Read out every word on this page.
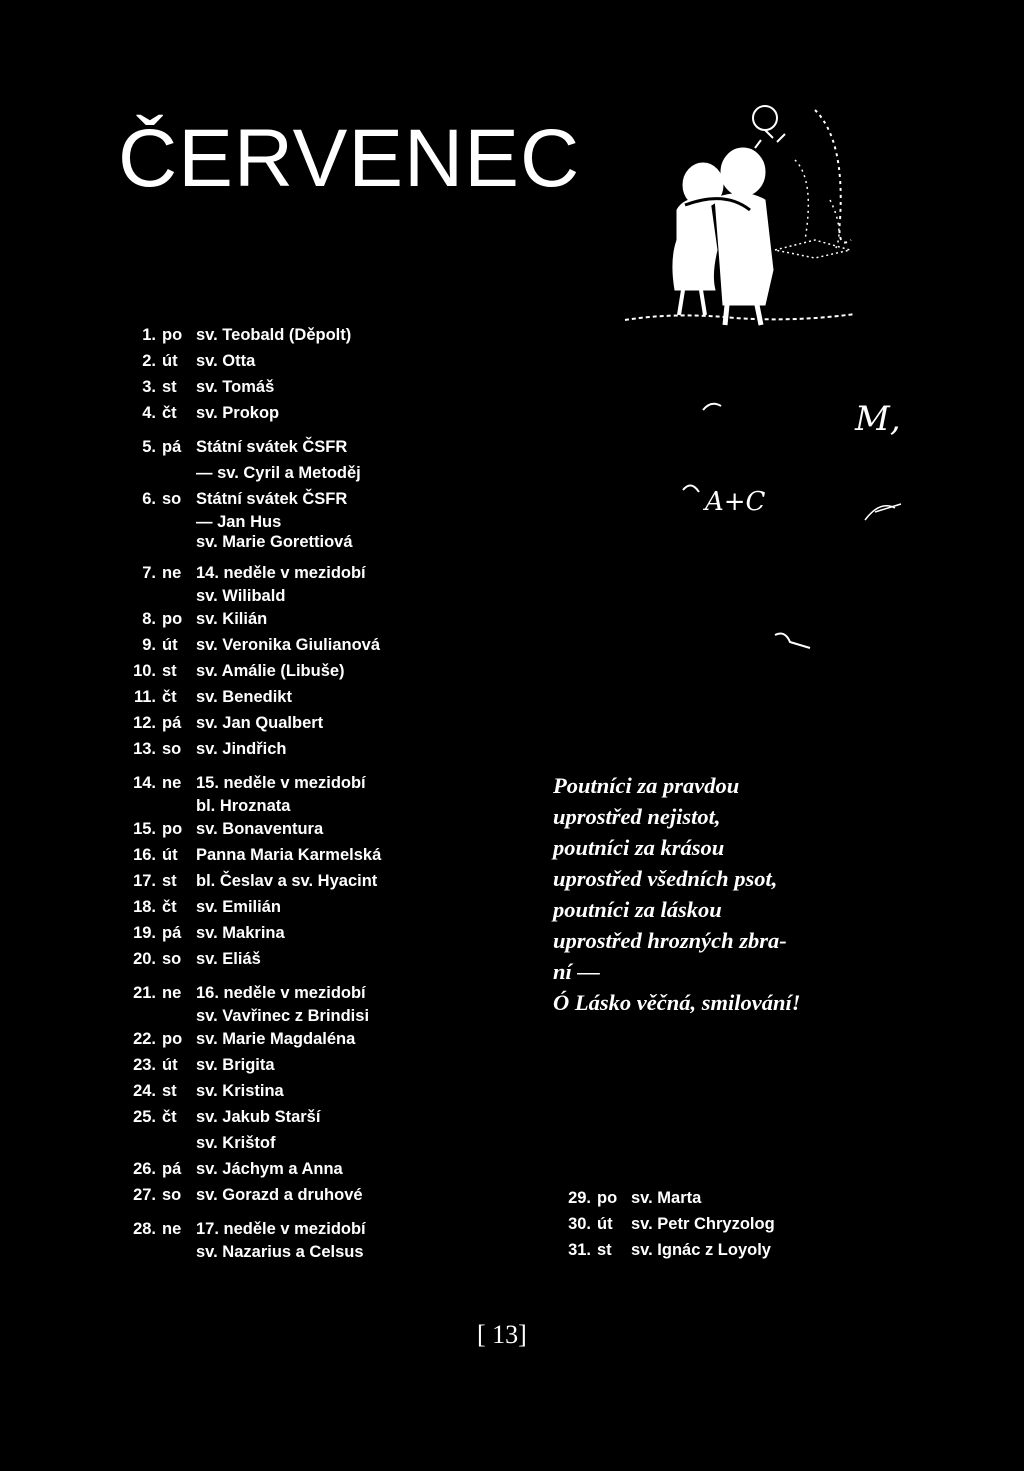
ČERVENEC
M,
A+C
1. po sv. Teobald (Děpolt)
2. út	sv. Otta
3. st	sv. Tomáš
4. čt	sv. Prokop
5. pá Státní svátek ČSFR
— sv. Cyril a Metoděj
6. so Státní svátek ČSFR
— Jan Hus
sv. Marie Gorettiová
7. ne 14. neděle v mezidobí
sv. Wilibald
8. po sv. Kilián
9. út	sv. Veronika Giulianová
10. st	sv. Amálie (Libuše)
11. čt	sv. Benedikt
12. pá sv. Jan Qualbert
13. so sv. Jindřich
14. ne 15. neděle v mezidobí
bl. Hroznata
15. po sv. Bonaventura
16. út	Panna Maria Karmelská
17. st	bl. Česlav a sv. Hyacint
18. čt	sv. Emilián
19. pá sv. Makrina
20. so sv. Eliáš
21. ne 16. neděle v mezidobí
sv. Vavřinec z Brindisi
22. po sv. Marie Magdaléna
23. út	sv. Brigita
24. st	sv. Kristina
25. čt	sv. Jakub Starší
sv. Krištof
26. pá sv. Jáchym a Anna
27. so sv. Gorazd a druhové
28. ne 17. neděle v mezidobí
sv. Nazarius a Celsus
Poutníci za pravdou
uprostřed nejistot,
poutníci za krásou
uprostřed všedních psot,
poutníci za láskou
uprostřed hrozných zbra-
ní —
Ó Lásko věčná, smilování!
29. po sv. Marta
30. út	sv. Petr Chryzolog
31. st	sv. Ignác z Loyoly
[ 13]
